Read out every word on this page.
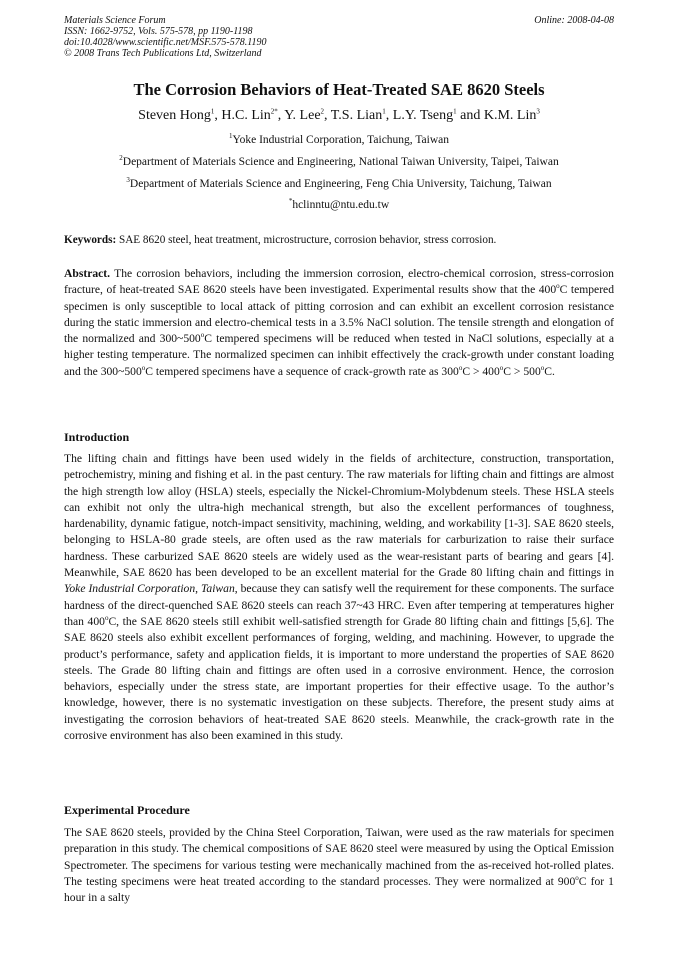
Materials Science Forum
ISSN: 1662-9752, Vols. 575-578, pp 1190-1198
doi:10.4028/www.scientific.net/MSF.575-578.1190
© 2008 Trans Tech Publications Ltd, Switzerland
Online: 2008-04-08
The Corrosion Behaviors of Heat-Treated SAE 8620 Steels
Steven Hong$^1$, H.C. Lin$^{2*}$, Y. Lee$^2$, T.S. Lian$^1$, L.Y. Tseng$^1$ and K.M. Lin$^3$
$^1$Yoke Industrial Corporation, Taichung, Taiwan
$^2$Department of Materials Science and Engineering, National Taiwan University, Taipei, Taiwan
$^3$Department of Materials Science and Engineering, Feng Chia University, Taichung, Taiwan
*hclinntu@ntu.edu.tw
Keywords: SAE 8620 steel, heat treatment, microstructure, corrosion behavior, stress corrosion.
Abstract. The corrosion behaviors, including the immersion corrosion, electro-chemical corrosion, stress-corrosion fracture, of heat-treated SAE 8620 steels have been investigated. Experimental results show that the 400$^o$C tempered specimen is only susceptible to local attack of pitting corrosion and can exhibit an excellent corrosion resistance during the static immersion and electro-chemical tests in a 3.5% NaCl solution. The tensile strength and elongation of the normalized and 300~500$^o$C tempered specimens will be reduced when tested in NaCl solutions, especially at a higher testing temperature. The normalized specimen can inhibit effectively the crack-growth under constant loading and the 300~500$^o$C tempered specimens have a sequence of crack-growth rate as $300^oC > 400^oC > 500^oC$.
Introduction
The lifting chain and fittings have been used widely in the fields of architecture, construction, transportation, petrochemistry, mining and fishing et al. in the past century. The raw materials for lifting chain and fittings are almost the high strength low alloy (HSLA) steels, especially the Nickel-Chromium-Molybdenum steels. These HSLA steels can exhibit not only the ultra-high mechanical strength, but also the excellent performances of toughness, hardenability, dynamic fatigue, notch-impact sensitivity, machining, welding, and workability [1-3]. SAE 8620 steels, belonging to HSLA-80 grade steels, are often used as the raw materials for carburization to raise their surface hardness. These carburized SAE 8620 steels are widely used as the wear-resistant parts of bearing and gears [4]. Meanwhile, SAE 8620 has been developed to be an excellent material for the Grade 80 lifting chain and fittings in Yoke Industrial Corporation, Taiwan, because they can satisfy well the requirement for these components. The surface hardness of the direct-quenched SAE 8620 steels can reach 37~43 HRC. Even after tempering at temperatures higher than 400$^o$C, the SAE 8620 steels still exhibit well-satisfied strength for Grade 80 lifting chain and fittings [5,6]. The SAE 8620 steels also exhibit excellent performances of forging, welding, and machining. However, to upgrade the product’s performance, safety and application fields, it is important to more understand the properties of SAE 8620 steels. The Grade 80 lifting chain and fittings are often used in a corrosive environment. Hence, the corrosion behaviors, especially under the stress state, are important properties for their effective usage. To the author’s knowledge, however, there is no systematic investigation on these subjects. Therefore, the present study aims at investigating the corrosion behaviors of heat-treated SAE 8620 steels. Meanwhile, the crack-growth rate in the corrosive environment has also been examined in this study.
Experimental Procedure
The SAE 8620 steels, provided by the China Steel Corporation, Taiwan, were used as the raw materials for specimen preparation in this study. The chemical compositions of SAE 8620 steel were measured by using the Optical Emission Spectrometer. The specimens for various testing were mechanically machined from the as-received hot-rolled plates. The testing specimens were heat treated according to the standard processes. They were normalized at 900$^o$C for 1 hour in a salty
